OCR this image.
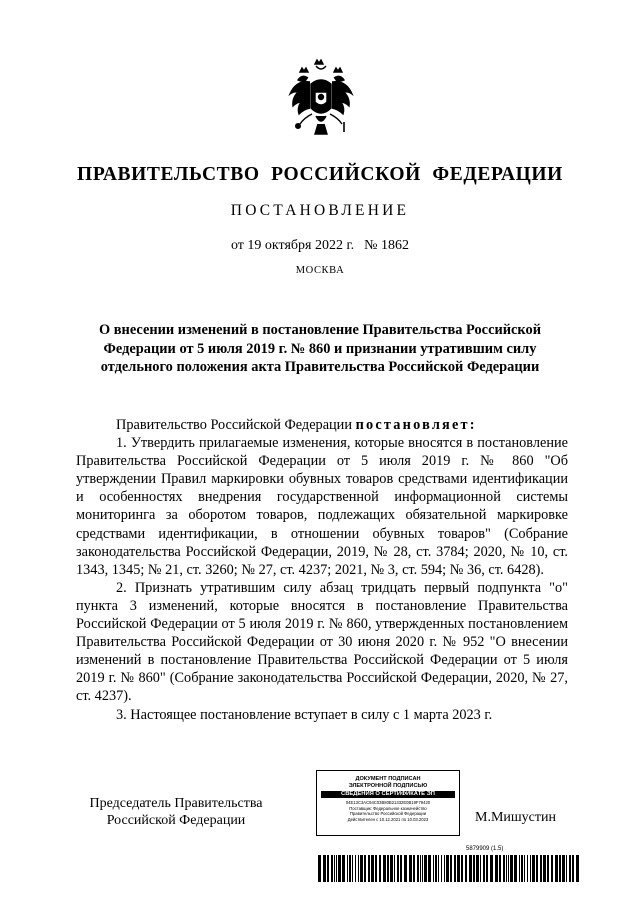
ПРАВИТЕЛЬСТВО РОССИЙСКОЙ ФЕДЕРАЦИИ
ПОСТАНОВЛЕНИЕ
от 19 октября 2022 г. № 1862
МОСКВА
О внесении изменений в постановление Правительства Российской Федерации от 5 июля 2019 г. № 860 и признании утратившим силу отдельного положения акта Правительства Российской Федерации

Правительство Российской Федерации постановляет:

1. Утвердить прилагаемые изменения, которые вносятся в постановление Правительства Российской Федерации от 5 июля 2019 г. № 860 "Об утверждении Правил маркировки обувных товаров средствами идентификации и особенностях внедрения государственной информационной системы мониторинга за оборотом товаров, подлежащих обязательной маркировке средствами идентификации, в отношении обувных товаров" (Собрание законодательства Российской Федерации, 2019, № 28, ст. 3784; 2020, № 10, ст. 1343, 1345; № 21, ст. 3260; № 27, ст. 4237; 2021, № 3, ст. 594; № 36, ст. 6428).

2. Признать утратившим силу абзац тридцать первый подпункта "о" пункта 3 изменений, которые вносятся в постановление Правительства Российской Федерации от 5 июля 2019 г. № 860, утвержденных постановлением Правительства Российской Федерации от 30 июня 2020 г. № 952 "О внесении изменений в постановление Правительства Российской Федерации от 5 июля 2019 г. № 860" (Собрание законодательства Российской Федерации, 2020, № 27, ст. 4237).

3. Настоящее постановление вступает в силу с 1 марта 2023 г.

Председатель Правительства
Российской Федерации
ДОКУМЕНТ ПОДПИСАН
ЭЛЕКТРОННОЙ ПОДПИСЬЮ
СВЕДЕНИЯ О СЕРТИФИКАТЕ ЭП
04E13C3AC94C03B80B21332E0B19F79420
Поставщик: Федеральное казначейство
Правительство Российской Федерации
Действителен с 10.12.2021 по 10.03.2023	М.Мишустин
5879909 (1.5)
